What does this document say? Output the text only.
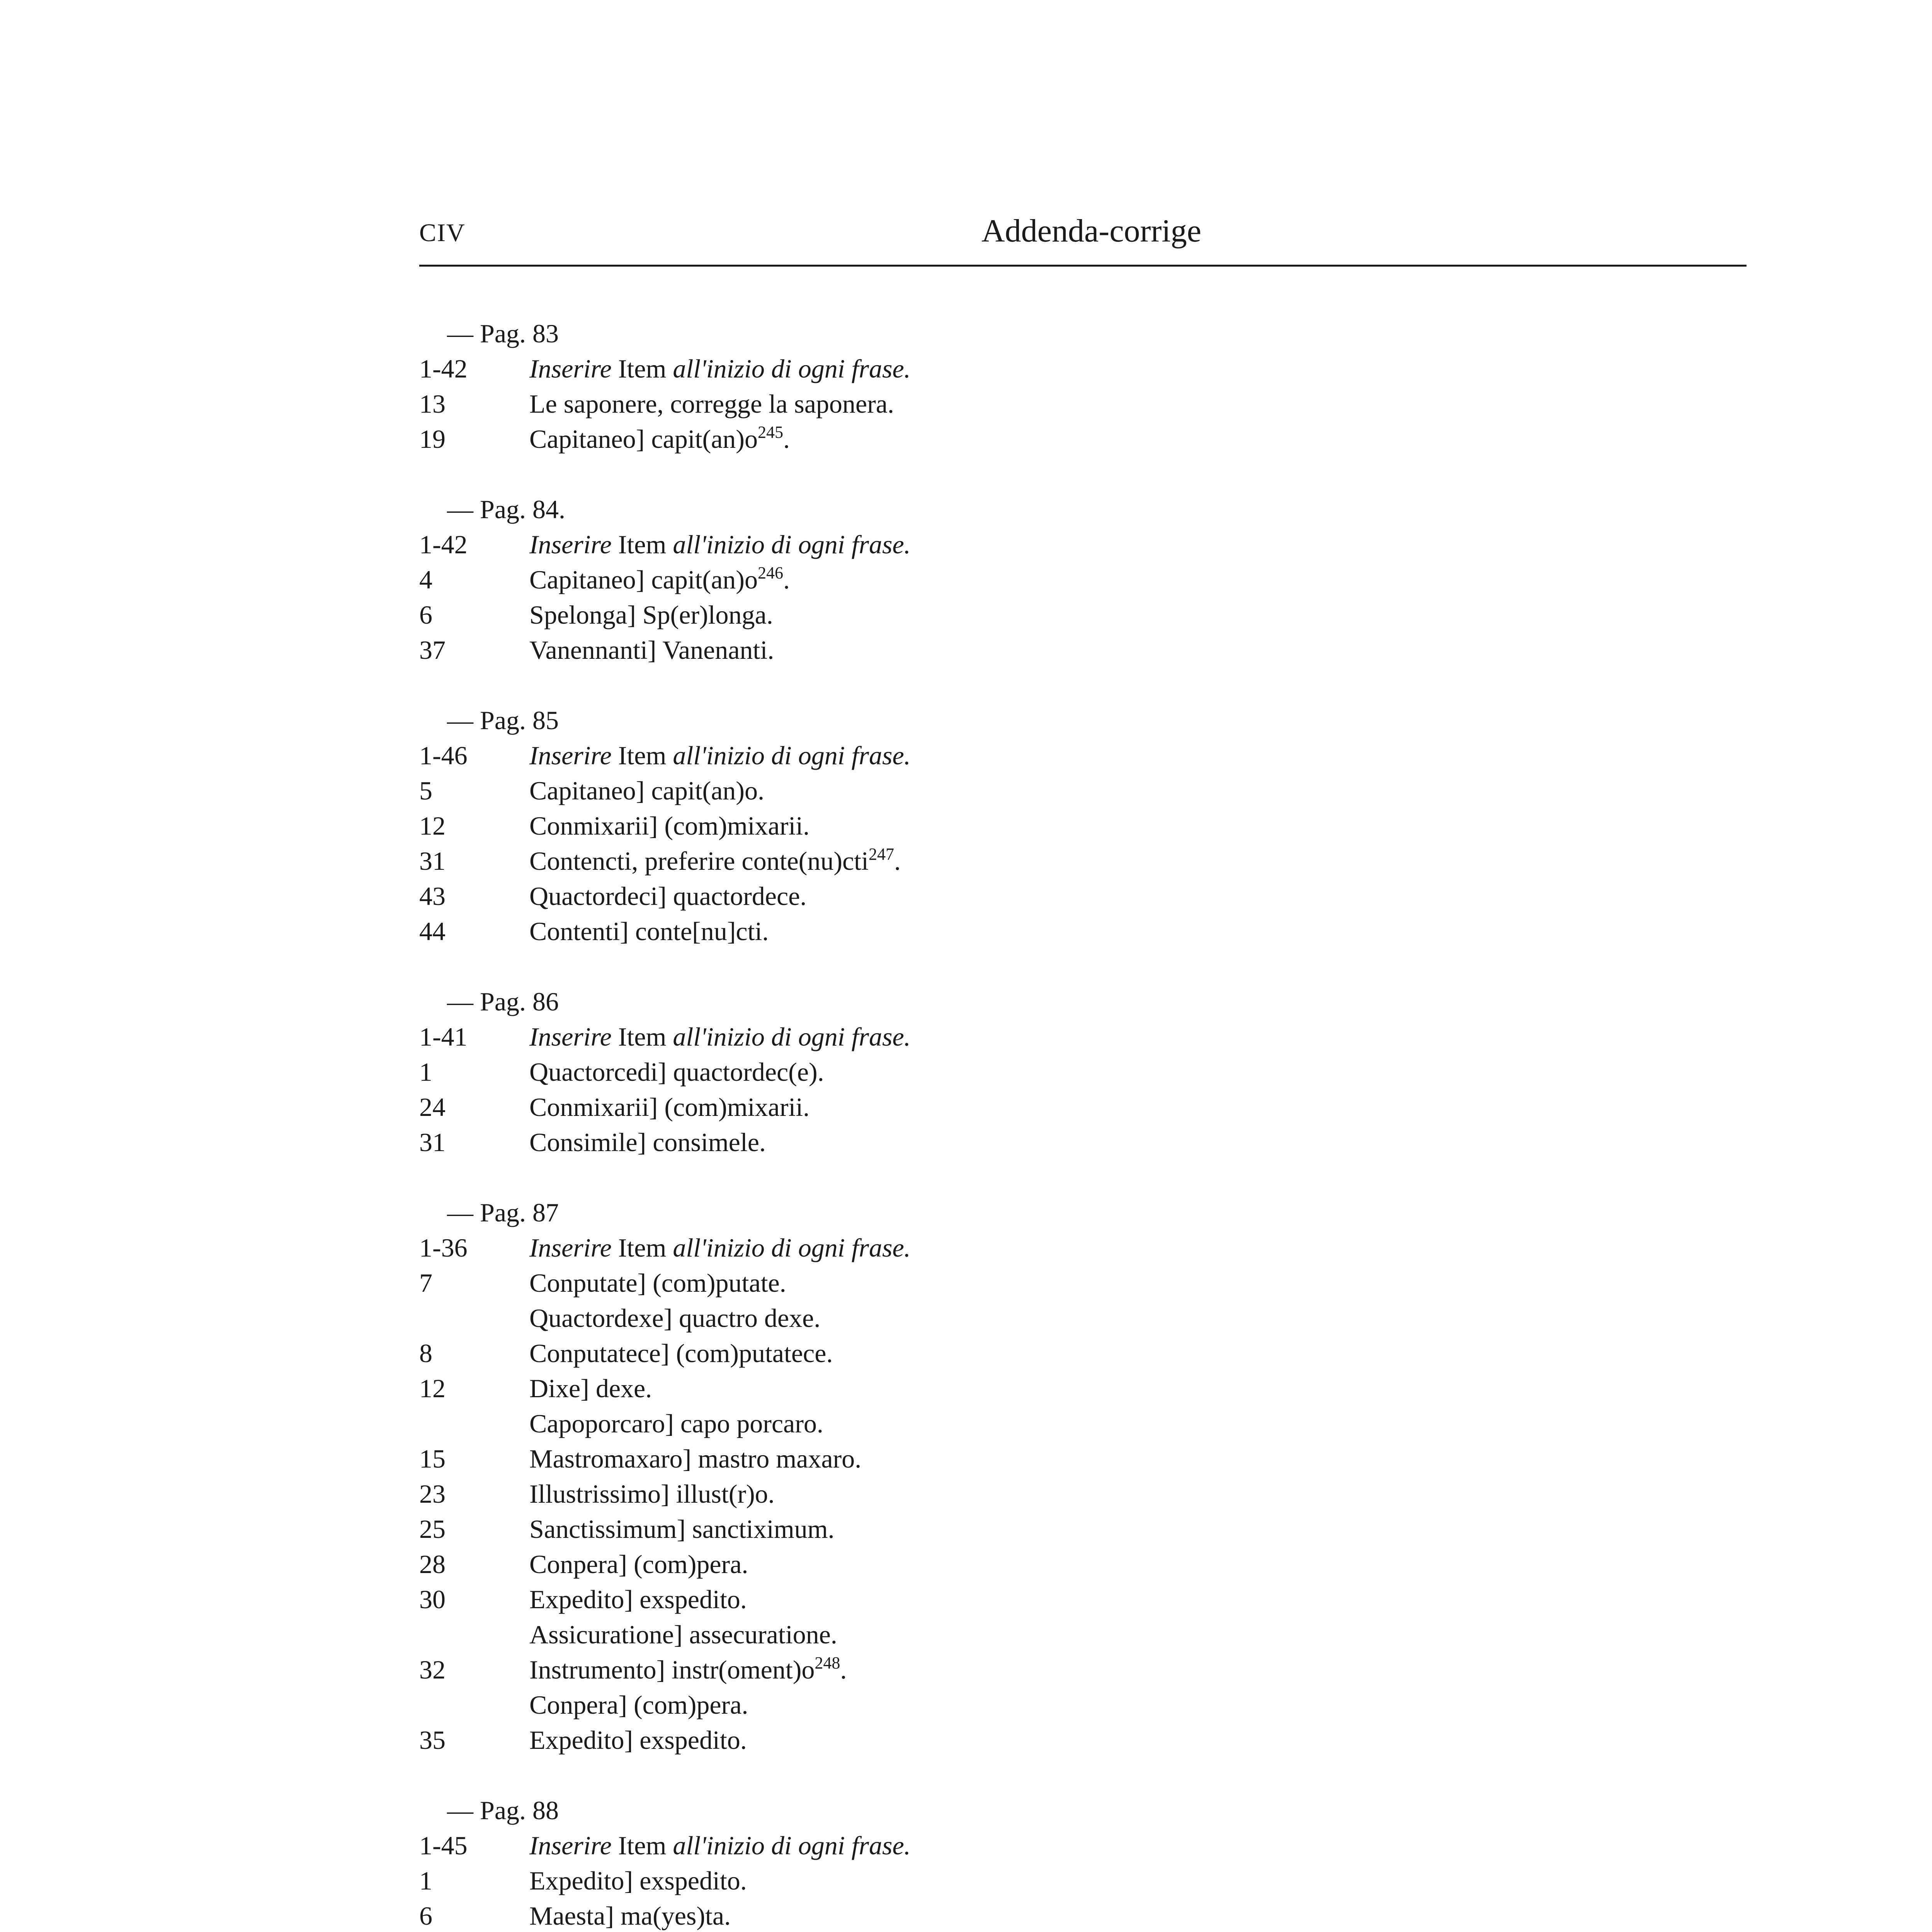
CIV	Addenda-corrige
— Pag. 83
1-42	Inserire Item all'inizio di ogni frase.
13	Le saponere, corregge la saponera.
19	Capitaneo] $capit(an)o^{245}$.
— Pag. 84.
1-42	Inserire Item all'inizio di ogni frase.
4	Capitaneo] $capit(an)o^{246}$.
6	Spelonga] Sp(er)longa.
37	Vanennanti] Vanenanti.
— Pag. 85
1-46	Inserire Item all'inizio di ogni frase.
5	Capitaneo] capit(an)o.
12	Conmixarii] (com)mixarii.
31	Contencti, preferire conte(nu)cti$^{247}$.
43	Quactordeci] quactordece.
44	Contenti] conte[nu]cti.
— Pag. 86
1-41	Inserire Item all'inizio di ogni frase.
1	Quactorcedi] quactordec(e).
24	Conmixarii] (com)mixarii.
31	Consimile] consimele.
— Pag. 87
1-36	Inserire Item all'inizio di ogni frase.
7	Conputate] (com)putate.
Quactordexe] quactro dexe.
8	Conputatece] (com)putatece.
12	Dixe] dexe.
Capoporcaro] capo porcaro.
15	Mastromaxaro] mastro maxaro.
23	Illustrissimo] illust(r)o.
25	Sanctissimum] sanctiximum.
28	Conpera] (com)pera.
30	Expedito] exspedito.
Assicuratione] assecuratione.
32	Instrumento] $instr(oment)o^{248}$.
Conpera] (com)pera.
35	Expedito] exspedito.
— Pag. 88
1-45	Inserire Item all'inizio di ogni frase.
1	Expedito] exspedito.
6	Maesta] ma(yes)ta.
